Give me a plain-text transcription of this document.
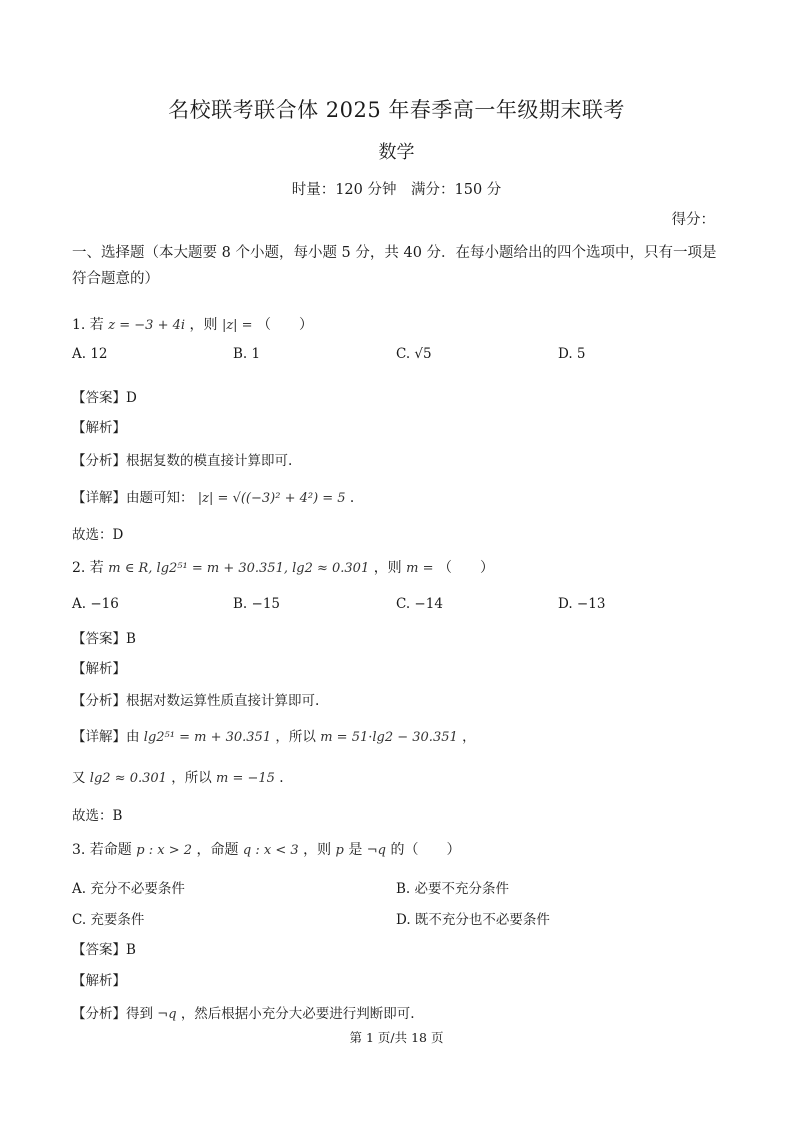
名校联考联合体 2025 年春季高一年级期末联考
数学
时量：120 分钟　满分：150 分
得分：
一、选择题（本大题要 8 个小题，每小题 5 分，共 40 分．在每小题给出的四个选项中，只有一项是符合题意的）
1. 若 z = −3 + 4i ，则 |z| = （　　）
A. 12	B. 1	C. √5	D. 5
【答案】D
【解析】
【分析】根据复数的模直接计算即可.
【详解】由题可知： |z| = √((−3)² + 4²) = 5 .
故选：D
2. 若 m ∈ R, lg2⁵¹ = m + 30.351, lg2 ≈ 0.301 ，则 m = （　　）
A. −16	B. −15	C. −14	D. −13
【答案】B
【解析】
【分析】根据对数运算性质直接计算即可.
【详解】由 lg2⁵¹ = m + 30.351 ，所以 m = 51·lg2 − 30.351 ，
又 lg2 ≈ 0.301 ，所以 m = −15 .
故选：B
3. 若命题 p : x > 2 ，命题 q : x < 3 ，则 p 是 ¬q 的（　　）
A. 充分不必要条件	B. 必要不充分条件
C. 充要条件	D. 既不充分也不必要条件
【答案】B
【解析】
【分析】得到 ¬q ，然后根据小充分大必要进行判断即可.
第 1 页/共 18 页
